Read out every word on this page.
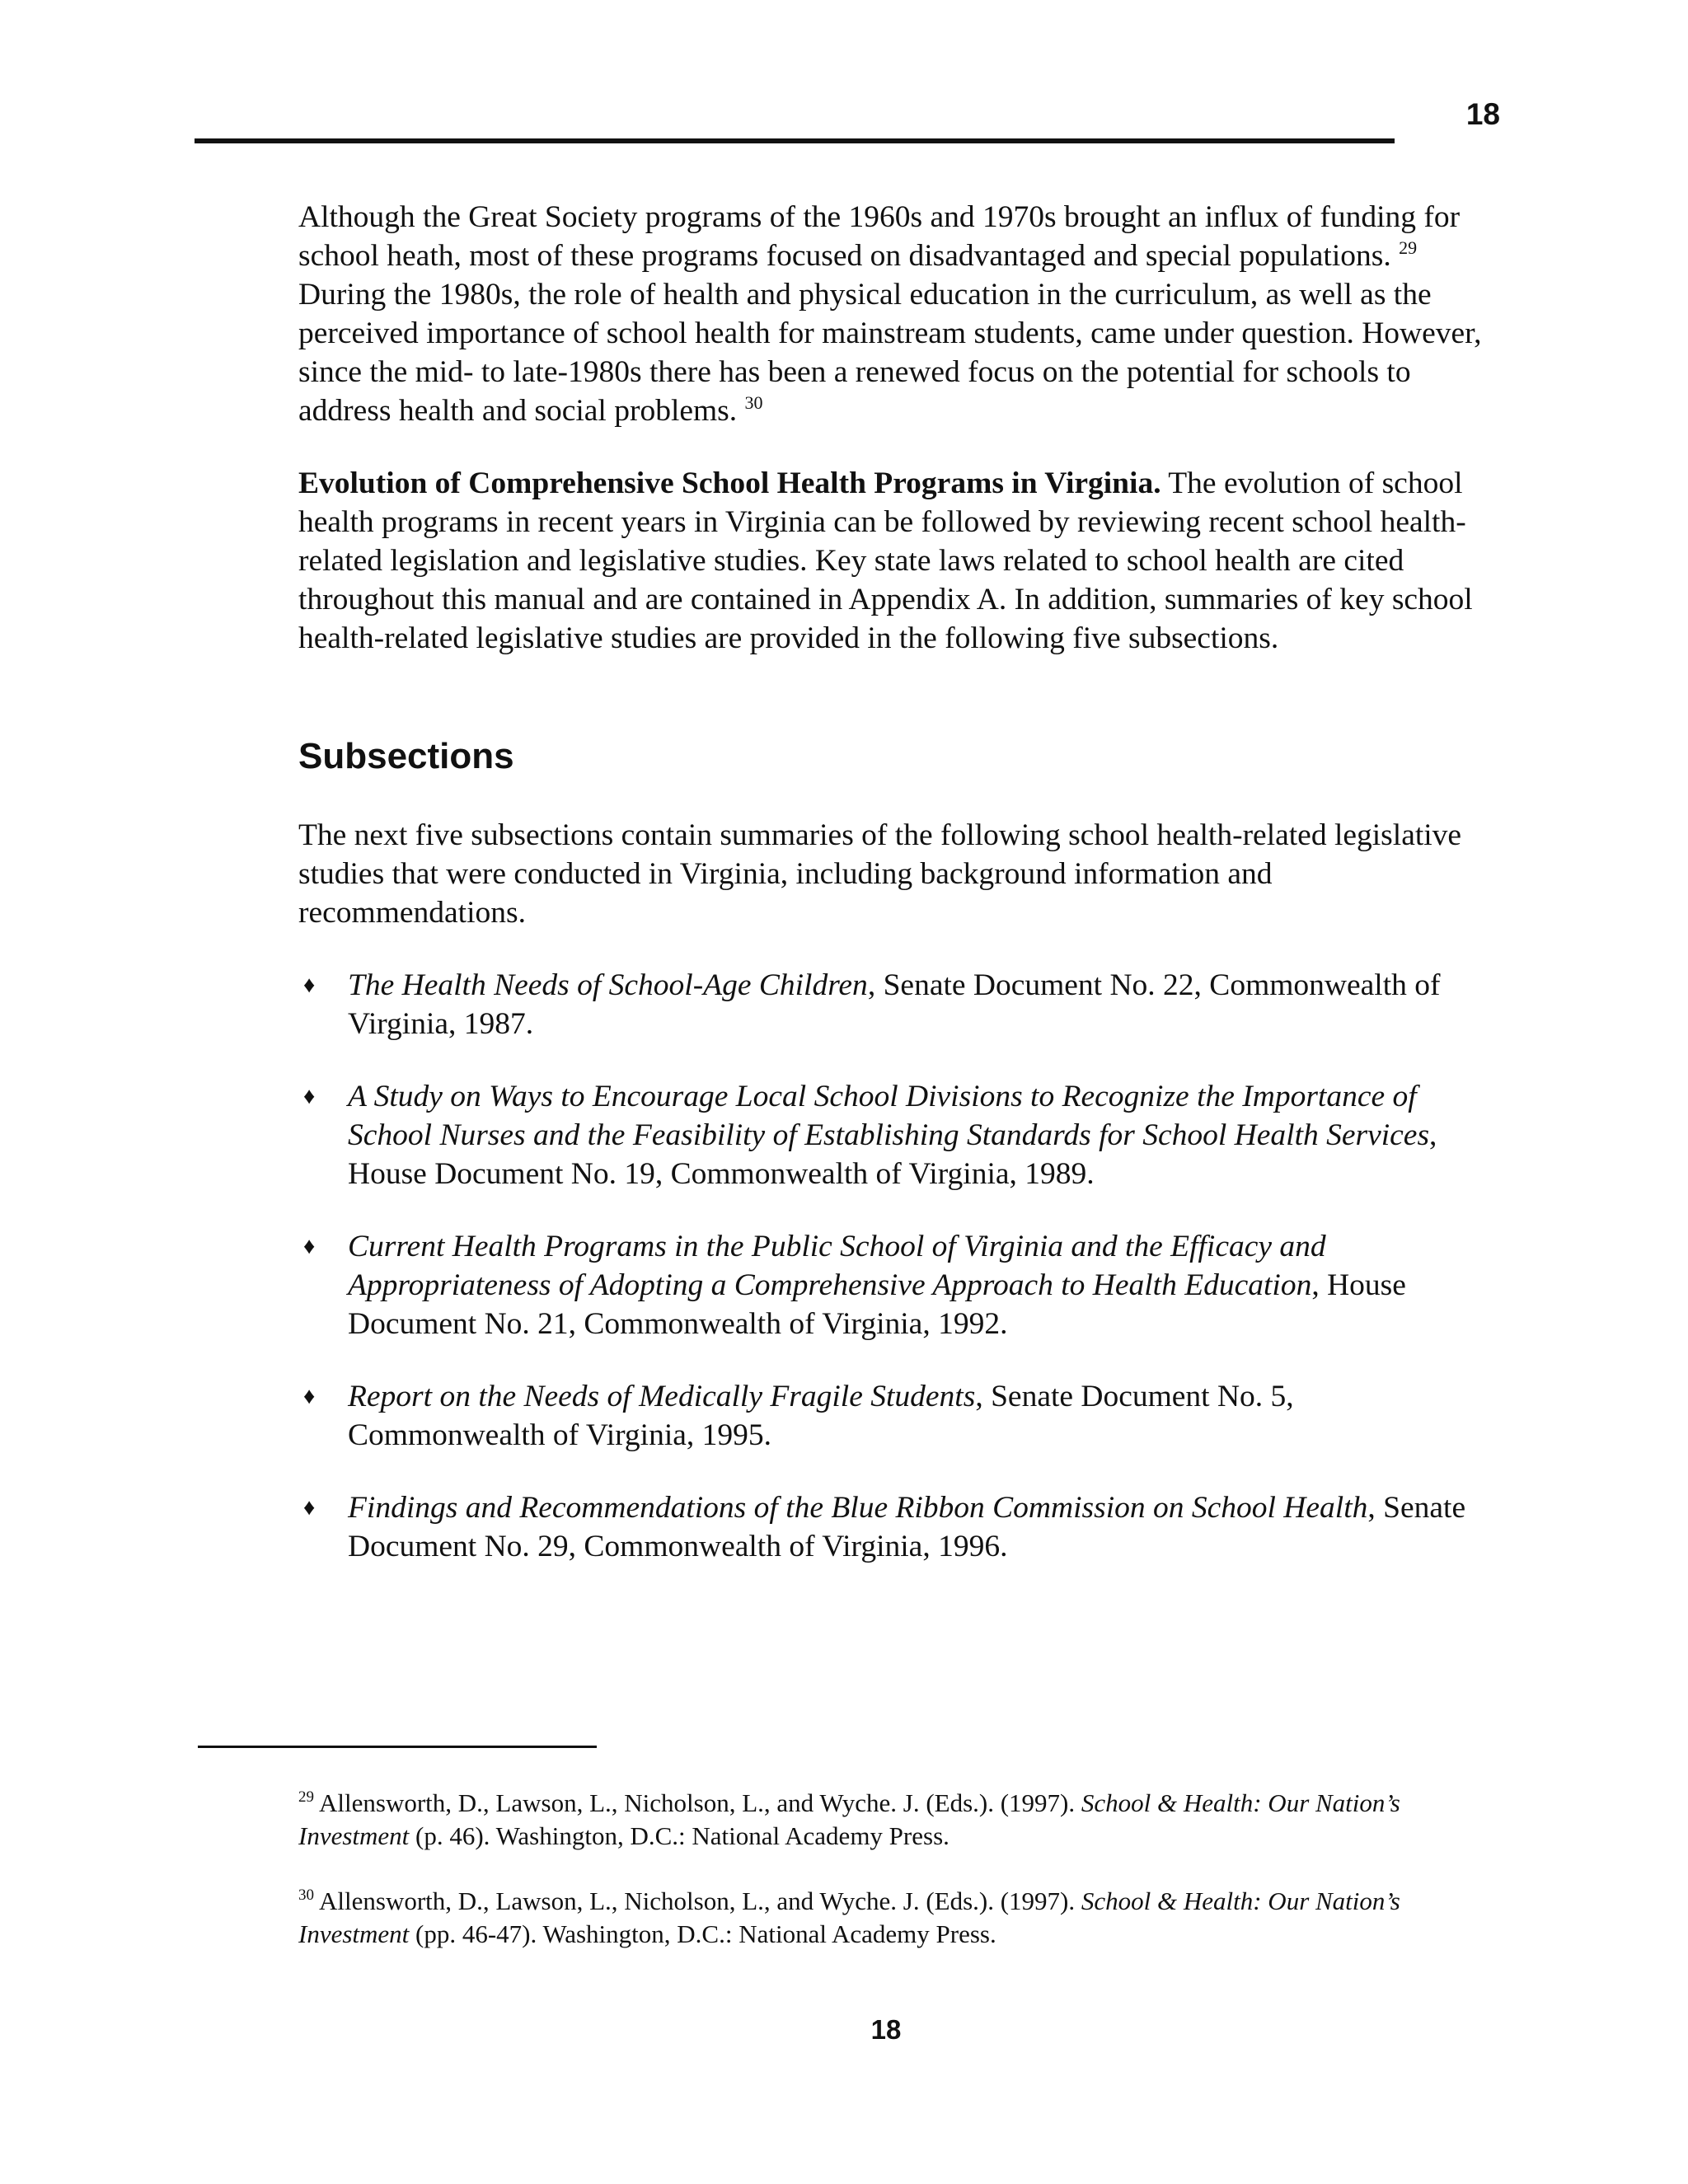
18

Although the Great Society programs of the 1960s and 1970s brought an influx of funding for school heath, most of these programs focused on disadvantaged and special populations. $^{29}$ During the 1980s, the role of health and physical education in the curriculum, as well as the perceived importance of school health for mainstream students, came under question. However, since the mid- to late-1980s there has been a renewed focus on the potential for schools to address health and social problems. $^{30}$

Evolution of Comprehensive School Health Programs in Virginia. The evolution of school health programs in recent years in Virginia can be followed by reviewing recent school health-related legislation and legislative studies. Key state laws related to school health are cited throughout this manual and are contained in Appendix A. In addition, summaries of key school health-related legislative studies are provided in the following five subsections.

Subsections

The next five subsections contain summaries of the following school health-related legislative studies that were conducted in Virginia, including background information and recommendations.

♦ The Health Needs of School-Age Children, Senate Document No. 22, Commonwealth of Virginia, 1987.
♦ A Study on Ways to Encourage Local School Divisions to Recognize the Importance of School Nurses and the Feasibility of Establishing Standards for School Health Services, House Document No. 19, Commonwealth of Virginia, 1989.
♦ Current Health Programs in the Public School of Virginia and the Efficacy and Appropriateness of Adopting a Comprehensive Approach to Health Education, House Document No. 21, Commonwealth of Virginia, 1992.
♦ Report on the Needs of Medically Fragile Students, Senate Document No. 5, Commonwealth of Virginia, 1995.
♦ Findings and Recommendations of the Blue Ribbon Commission on School Health, Senate Document No. 29, Commonwealth of Virginia, 1996.

$^{29}$ Allensworth, D., Lawson, L., Nicholson, L., and Wyche. J. (Eds.). (1997). School & Health: Our Nation’s Investment (p. 46). Washington, D.C.: National Academy Press.

$^{30}$ Allensworth, D., Lawson, L., Nicholson, L., and Wyche. J. (Eds.). (1997). School & Health: Our Nation’s Investment (pp. 46-47). Washington, D.C.: National Academy Press.

18
